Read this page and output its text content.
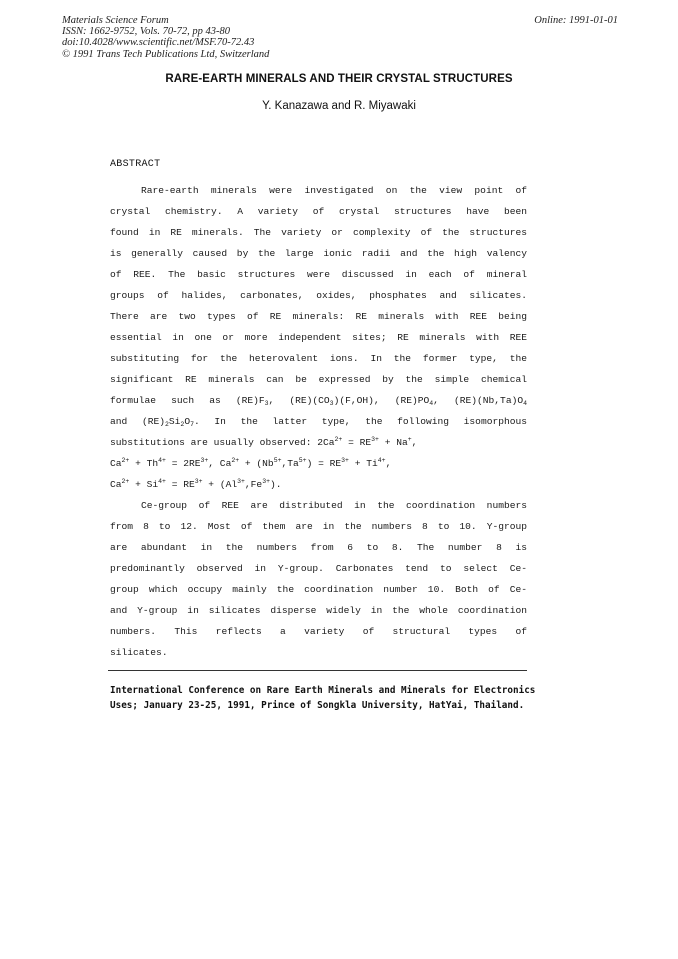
Materials Science Forum
ISSN: 1662-9752, Vols. 70-72, pp 43-80
doi:10.4028/www.scientific.net/MSF.70-72.43
© 1991 Trans Tech Publications Ltd, Switzerland
Online: 1991-01-01
RARE-EARTH MINERALS AND THEIR CRYSTAL STRUCTURES
Y. Kanazawa and R. Miyawaki
ABSTRACT
Rare-earth minerals were investigated on the view point of
crystal chemistry. A variety of crystal structures have been
found in RE minerals. The variety or complexity of the structures
is generally caused by the large ionic radii and the high valency
of REE. The basic structures were discussed in each of mineral
groups of halides, carbonates, oxides, phosphates and silicates.
There are two types of RE minerals: RE minerals with REE being
essential in one or more independent sites; RE minerals with REE
substituting for the heterovalent ions. In the former type, the
significant RE minerals can be expressed by the simple chemical
formulae such as $(RE)F_3$, $(RE)(CO_3)(F,OH)$, $(RE)PO_4$, $(RE)(Nb,Ta)O_4$
and $(RE)_2Si_2O_7$. In the latter type, the following isomorphous
substitutions are usually observed: $2Ca^{2+} = RE^{3+} + Na^+$,
$Ca^{2+} + Th^{4+} = 2RE^{3+}$, $Ca^{2+} + (Nb^{5+},Ta^{5+}) = RE^{3+} + Ti^{4+}$,
$Ca^{2+} + Si^{4+} = RE^{3+} + (Al^{3+},Fe^{3+})$.
Ce-group of REE are distributed in the coordination numbers
from 8 to 12. Most of them are in the numbers 8 to 10. Y-group
are abundant in the numbers from 6 to 8. The number 8 is
predominantly observed in Y-group. Carbonates tend to select Ce-
group which occupy mainly the coordination number 10. Both of Ce-
and Y-group in silicates disperse widely in the whole coordination
numbers. This reflects a variety of structural types of
silicates.
International Conference on Rare Earth Minerals and Minerals for Electronics
Uses; January 23-25, 1991, Prince of Songkla University, HatYai, Thailand.
